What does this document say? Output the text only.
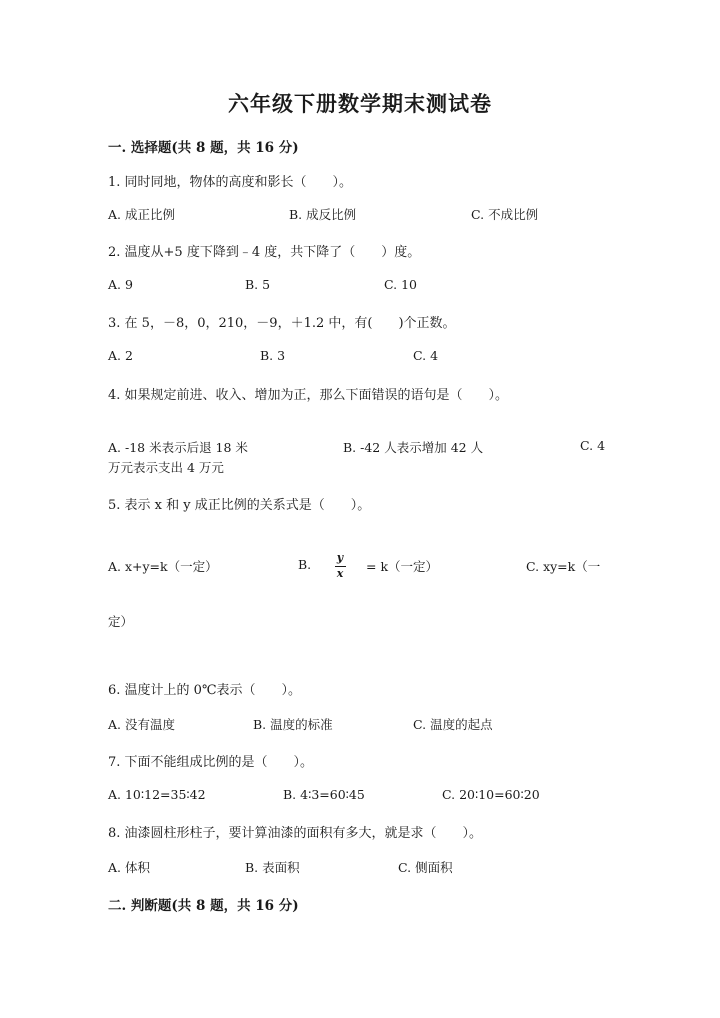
六年级下册数学期末测试卷
一. 选择题(共 8 题，共 16 分)
1. 同时同地，物体的高度和影长（　　）。
A. 成正比例	B. 成反比例	C. 不成比例
2. 温度从+5 度下降到﹣4 度，共下降了（　　）度。
A. 9	B. 5	C. 10
3. 在 5，－8，0，210，－9，＋1.2 中，有(　　)个正数。
A. 2	B. 3	C. 4
4. 如果规定前进、收入、增加为正，那么下面错误的语句是（　　）。
A. -18 米表示后退 18 米	B. -42 人表示增加 42 人	C. 4
万元表示支出 4 万元
5. 表示 x 和 y 成正比例的关系式是（　　）。
A. x+y=k（一定）	B. y
x = k（一定）	C. xy=k（一
定）
6. 温度计上的 0℃表示（　　）。
A. 没有温度	B. 温度的标准	C. 温度的起点
7. 下面不能组成比例的是（　　）。
A. 10∶12=35∶42	B. 4∶3=60∶45	C. 20∶10=60∶20
8. 油漆圆柱形柱子，要计算油漆的面积有多大，就是求（　　）。
A. 体积	B. 表面积	C. 侧面积
二. 判断题(共 8 题，共 16 分)
